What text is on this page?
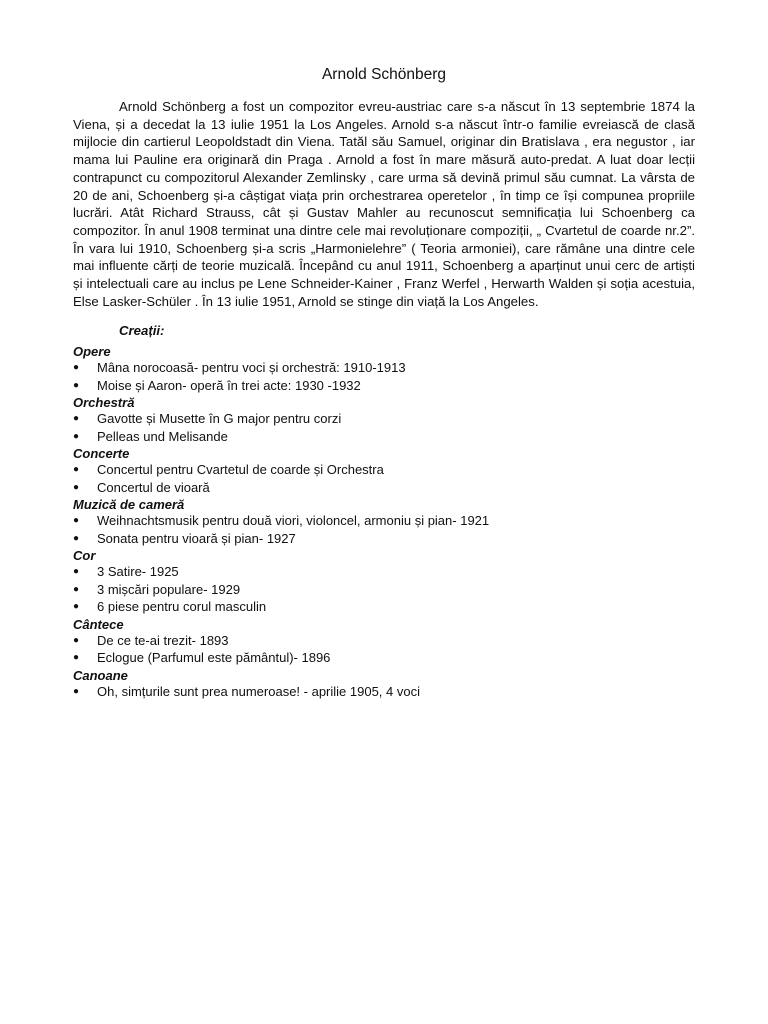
Arnold Schönberg

Arnold Schönberg a fost un compozitor evreu-austriac care s-a născut în 13 septembrie 1874 la Viena, și a decedat la 13 iulie 1951 la Los Angeles. Arnold s-a născut într-o familie evreiască de clasă mijlocie din cartierul Leopoldstadt din Viena. Tatăl său Samuel, originar din Bratislava , era negustor , iar mama lui Pauline era originară din Praga . Arnold a fost în mare măsură auto-predat. A luat doar lecții contrapunct cu compozitorul Alexander Zemlinsky , care urma să devină primul său cumnat. La vârsta de 20 de ani, Schoenberg și-a câștigat viața prin orchestrarea operetelor , în timp ce își compunea propriile lucrări. Atât Richard Strauss, cât și Gustav Mahler au recunoscut semnificația lui Schoenberg ca compozitor. În anul 1908 terminat una dintre cele mai revoluționare compoziții, „ Cvartetul de coarde nr.2”. În vara lui 1910, Schoenberg și-a scris „Harmonielehre” ( Teoria armoniei), care rămâne una dintre cele mai influente cărți de teorie muzicală. Începând cu anul 1911, Schoenberg a aparținut unui cerc de artiști și intelectuali care au inclus pe Lene Schneider-Kainer , Franz Werfel , Herwarth Walden și soția acestuia, Else Lasker-Schüler . În 13 iulie 1951, Arnold se stinge din viață la Los Angeles.

Creații:
Opere
● Mâna norocoasă- pentru voci și orchestră: 1910-1913
● Moise și Aaron- operă în trei acte: 1930 -1932
Orchestră
● Gavotte și Musette în G major pentru corzi
● Pelleas und Melisande
Concerte
● Concertul pentru Cvartetul de coarde și Orchestra
● Concertul de vioară
Muzică de cameră
● Weihnachtsmusik pentru două viori, violoncel, armoniu și pian- 1921
● Sonata pentru vioară și pian- 1927
Cor
● 3 Satire- 1925
● 3 mișcări populare- 1929
● 6 piese pentru corul masculin
Cântece
● De ce te-ai trezit- 1893
● Eclogue (Parfumul este pământul)- 1896
Canoane
● Oh, simțurile sunt prea numeroase! - aprilie 1905, 4 voci
